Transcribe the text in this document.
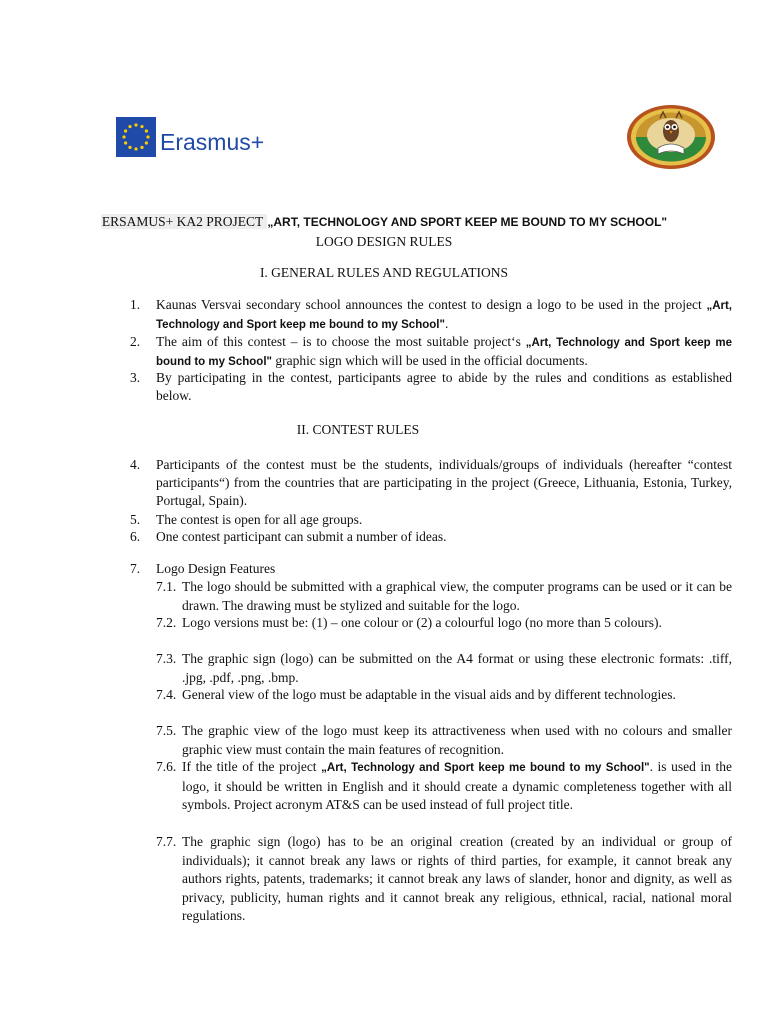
Erasmus+
ERSAMUS+ KA2 PROJECT „ART, TECHNOLOGY AND SPORT KEEP ME BOUND TO MY SCHOOL"
LOGO DESIGN RULES
I. GENERAL RULES AND REGULATIONS
1.	Kaunas Versvai secondary school announces the contest to design a logo to be used in the project „Art, Technology and Sport keep me bound to my School".
2.	The aim of this contest – is to choose the most suitable project‘s „Art, Technology and Sport keep me bound to my School" graphic sign which will be used in the official documents.
3.	By participating in the contest, participants agree to abide by the rules and conditions as established below.
II. CONTEST RULES
4.	Participants of the contest must be the students, individuals/groups of individuals (hereafter “contest participants“) from the countries that are participating in the project (Greece, Lithuania, Estonia, Turkey, Portugal, Spain).
5.	The contest is open for all age groups.
6.	One contest participant can submit a number of ideas.
7.	Logo Design Features
7.1. The logo should be submitted with a graphical view, the computer programs can be used or it can be drawn. The drawing must be stylized and suitable for the logo.
7.2. Logo versions must be: (1) – one colour or (2) a colourful logo (no more than 5 colours).
7.3. The graphic sign (logo) can be submitted on the A4 format or using these electronic formats: .tiff, .jpg, .pdf, .png, .bmp.
7.4. General view of the logo must be adaptable in the visual aids and by different technologies.
7.5. The graphic view of the logo must keep its attractiveness when used with no colours and smaller graphic view must contain the main features of recognition.
7.6. If the title of the project „Art, Technology and Sport keep me bound to my School". is used in the logo, it should be written in English and it should create a dynamic completeness together with all symbols. Project acronym AT&S can be used instead of full project title.
7.7. The graphic sign (logo) has to be an original creation (created by an individual or group of individuals); it cannot break any laws or rights of third parties, for example, it cannot break any authors rights, patents, trademarks; it cannot break any laws of slander, honor and dignity, as well as privacy, publicity, human rights and it cannot break any religious, ethnical, racial, national moral regulations.
